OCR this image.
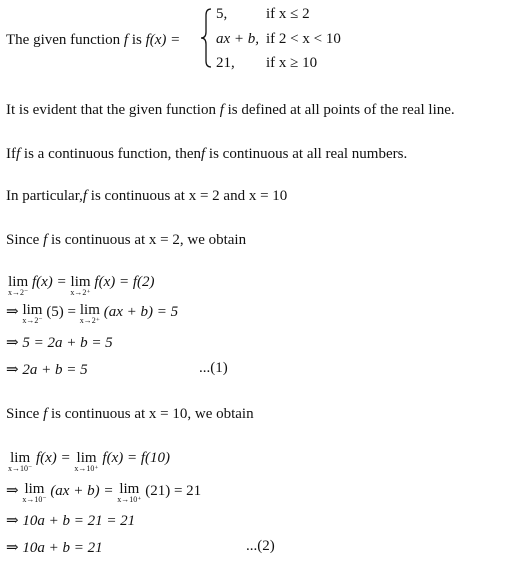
The given function f is f(x) =
5,	if x ≤ 2
ax + b, if 2 < x < 10
21, if x ≥ 10
It is evident that the given function f is defined at all points of the real line.
Iff is a continuous function, thenf is continuous at all real numbers.
In particular,f is continuous at x = 2 and x = 10
Since f is continuous at x = 2, we obtain
lim
x→2⁻
f(x) = lim
x→2⁺
f(x) = f(2)
⇒ lim
x→2⁻
(5) = lim
x→2⁺
(ax + b) = 5
⇒ 5 = 2a + b = 5
⇒ 2a + b = 5	...(1)
Since f is continuous at x = 10, we obtain
lim
x→10⁻
f(x) = lim
x→10⁺
f(x) = f(10)
⇒ lim
x→10⁻
(ax + b) = lim
x→10⁺
(21) = 21
⇒ 10a + b = 21 = 21
⇒ 10a + b = 21	...(2)
